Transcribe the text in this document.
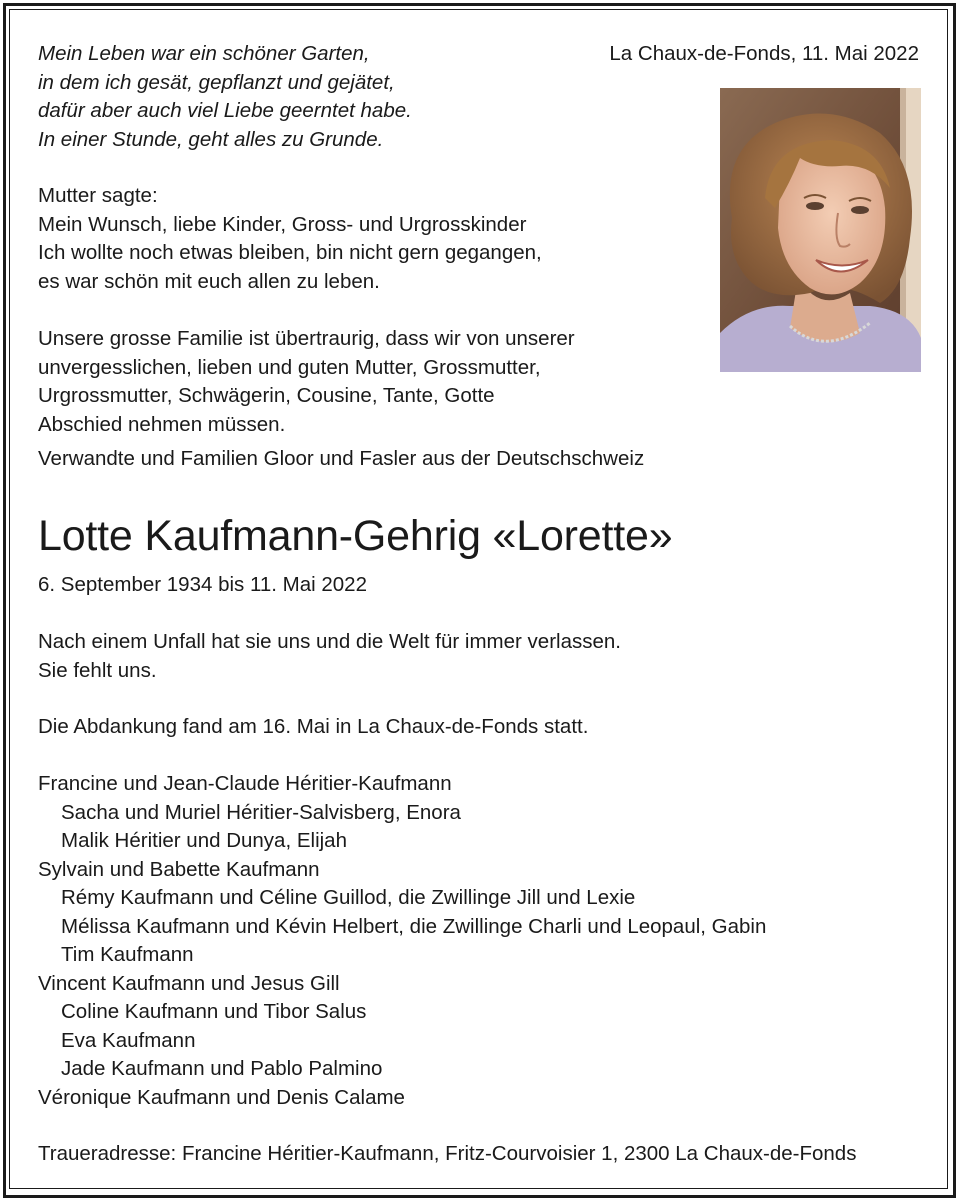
La Chaux-de-Fonds, 11. Mai 2022
Mein Leben war ein schöner Garten,
in dem ich gesät, gepflanzt und gejätet,
dafür aber auch viel Liebe geerntet habe.
In einer Stunde, geht alles zu Grunde.
Mutter sagte:
Mein Wunsch, liebe Kinder, Gross- und Urgrosskinder
Ich wollte noch etwas bleiben, bin nicht gern gegangen,
es war schön mit euch allen zu leben.
Unsere grosse Familie ist übertraurig, dass wir von unserer
unvergesslichen, lieben und guten Mutter, Grossmutter,
Urgrossmutter, Schwägerin, Cousine, Tante, Gotte
Abschied nehmen müssen.
Verwandte und Familien Gloor und Fasler aus der Deutschschweiz
Lotte Kaufmann-Gehrig «Lorette»
6. September 1934 bis 11. Mai 2022
Nach einem Unfall hat sie uns und die Welt für immer verlassen.
Sie fehlt uns.
Die Abdankung fand am 16. Mai in La Chaux-de-Fonds statt.
Francine und Jean-Claude Héritier-Kaufmann
Sacha und Muriel Héritier-Salvisberg, Enora
Malik Héritier und Dunya, Elijah
Sylvain und Babette Kaufmann
Rémy Kaufmann und Céline Guillod, die Zwillinge Jill und Lexie
Mélissa Kaufmann und Kévin Helbert, die Zwillinge Charli und Leopaul, Gabin
Tim Kaufmann
Vincent Kaufmann und Jesus Gill
Coline Kaufmann und Tibor Salus
Eva Kaufmann
Jade Kaufmann und Pablo Palmino
Véronique Kaufmann und Denis Calame
Traueradresse: Francine Héritier-Kaufmann, Fritz-Courvoisier 1, 2300 La Chaux-de-Fonds
